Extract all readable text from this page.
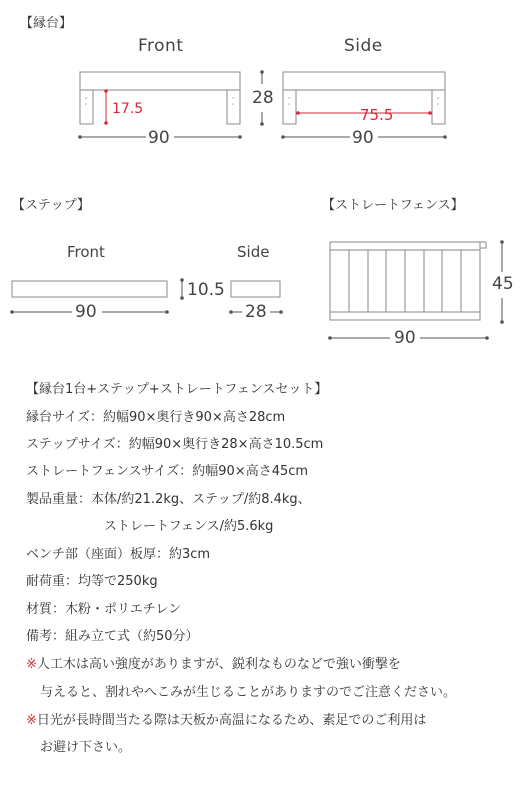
【縁台】
【ステップ】	【ストレートフェンス】
Front	Side
17.5
28
75.5
90	90
Front	Side
10.5
90	28
45
90
【縁台1台+ステップ+ストレートフェンスセット】
縁台サイズ：約幅90×奥行き90×高さ28cm
ステップサイズ：約幅90×奥行き28×高さ10.5cm
ストレートフェンスサイズ：約幅90×高さ45cm
製品重量：本体/約21.2kg、ステップ/約8.4kg、
ストレートフェンス/約5.6kg
ベンチ部（座面）板厚：約3cm
耐荷重：均等で250kg
材質：木粉・ポリエチレン
備考：組み立て式（約50分）
※人工木は高い強度がありますが、鋭利なものなどで強い衝撃を
与えると、割れやへこみが生じることがありますのでご注意ください。
※日光が長時間当たる際は天板か高温になるため、素足でのご利用は
お避け下さい。
